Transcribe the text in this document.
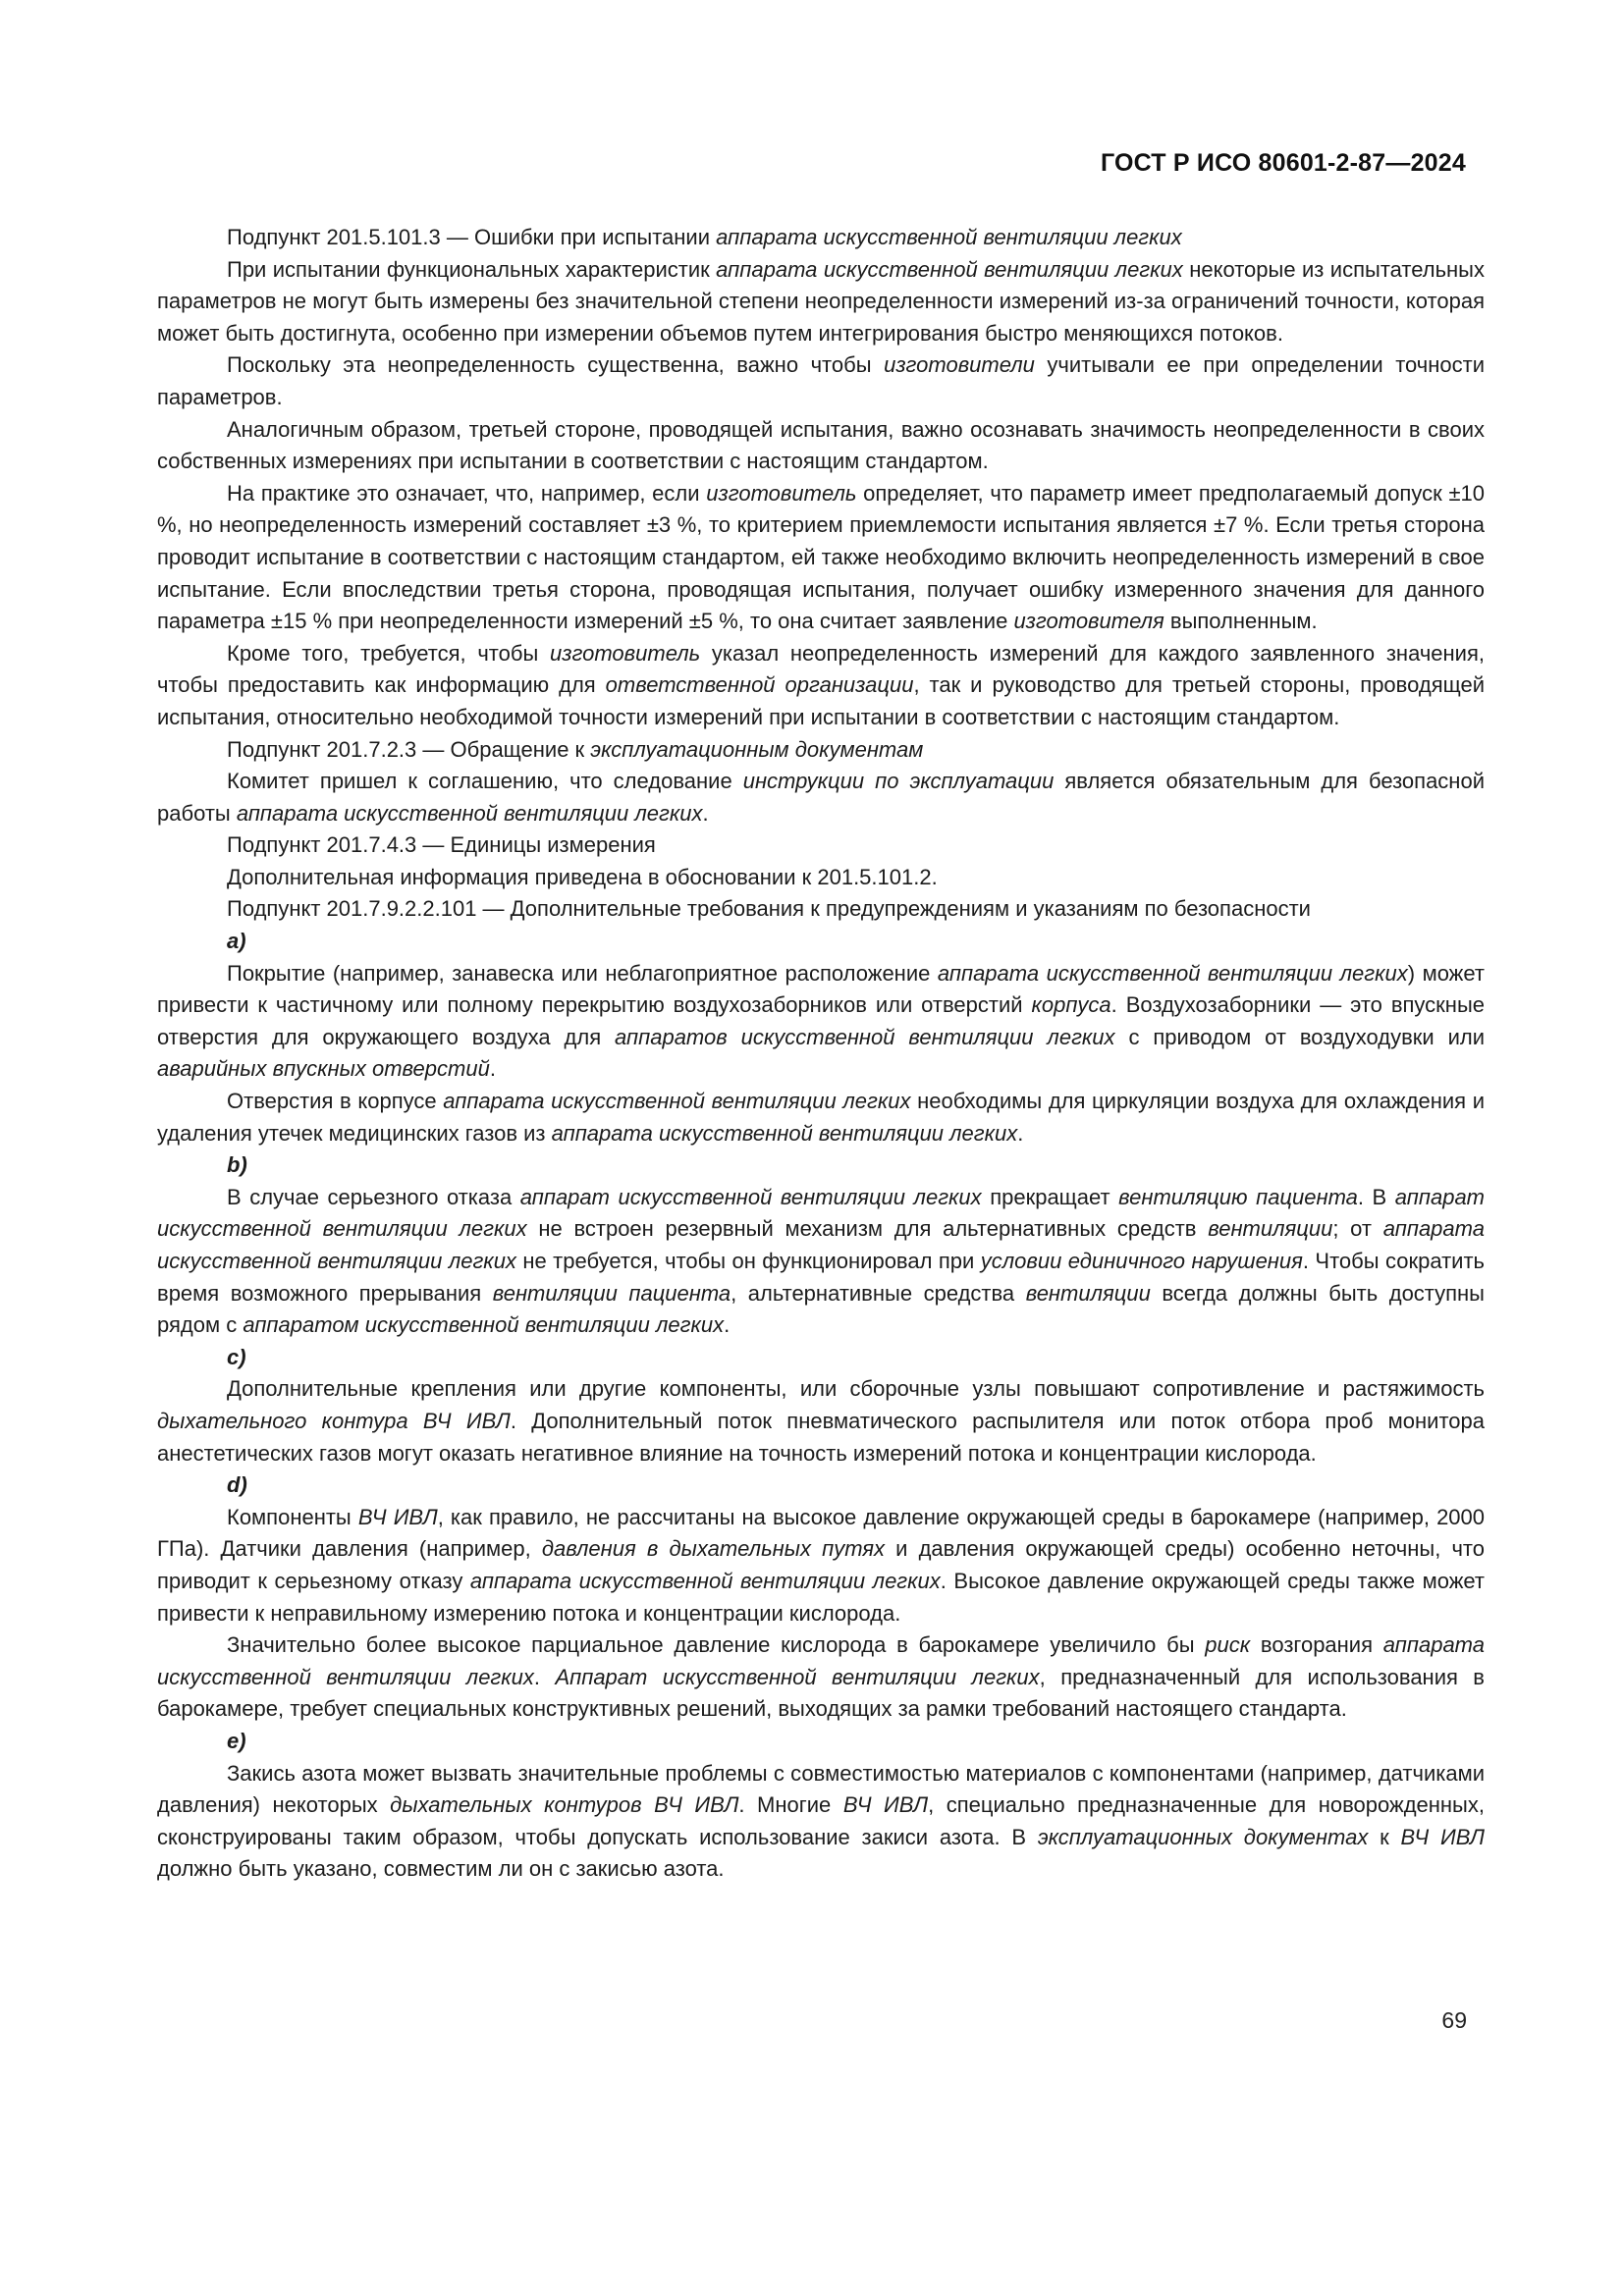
ГОСТ Р ИСО 80601-2-87—2024

Подпункт 201.5.101.3 — Ошибки при испытании аппарата искусственной вентиляции легких

При испытании функциональных характеристик аппарата искусственной вентиляции легких некоторые из испытательных параметров не могут быть измерены без значительной степени неопределенности измерений из-за ограничений точности, которая может быть достигнута, особенно при измерении объемов путем интегрирования быстро меняющихся потоков.

Поскольку эта неопределенность существенна, важно чтобы изготовители учитывали ее при определении точности параметров.

Аналогичным образом, третьей стороне, проводящей испытания, важно осознавать значимость неопределенности в своих собственных измерениях при испытании в соответствии с настоящим стандартом.

На практике это означает, что, например, если изготовитель определяет, что параметр имеет предполагаемый допуск ±10 %, но неопределенность измерений составляет ±3 %, то критерием приемлемости испытания является ±7 %. Если третья сторона проводит испытание в соответствии с настоящим стандартом, ей также необходимо включить неопределенность измерений в свое испытание. Если впоследствии третья сторона, проводящая испытания, получает ошибку измеренного значения для данного параметра ±15 % при неопределенности измерений ±5 %, то она считает заявление изготовителя выполненным.

Кроме того, требуется, чтобы изготовитель указал неопределенность измерений для каждого заявленного значения, чтобы предоставить как информацию для ответственной организации, так и руководство для третьей стороны, проводящей испытания, относительно необходимой точности измерений при испытании в соответствии с настоящим стандартом.

Подпункт 201.7.2.3 — Обращение к эксплуатационным документам

Комитет пришел к соглашению, что следование инструкции по эксплуатации является обязательным для безопасной работы аппарата искусственной вентиляции легких.

Подпункт 201.7.4.3 — Единицы измерения

Дополнительная информация приведена в обосновании к 201.5.101.2.

Подпункт 201.7.9.2.2.101 — Дополнительные требования к предупреждениям и указаниям по безопасности

a)

Покрытие (например, занавеска или неблагоприятное расположение аппарата искусственной вентиляции легких) может привести к частичному или полному перекрытию воздухозаборников или отверстий корпуса. Воздухозаборники — это впускные отверстия для окружающего воздуха для аппаратов искусственной вентиляции легких с приводом от воздуходувки или аварийных впускных отверстий.

Отверстия в корпусе аппарата искусственной вентиляции легких необходимы для циркуляции воздуха для охлаждения и удаления утечек медицинских газов из аппарата искусственной вентиляции легких.

b)

В случае серьезного отказа аппарат искусственной вентиляции легких прекращает вентиляцию пациента. В аппарат искусственной вентиляции легких не встроен резервный механизм для альтернативных средств вентиляции; от аппарата искусственной вентиляции легких не требуется, чтобы он функционировал при условии единичного нарушения. Чтобы сократить время возможного прерывания вентиляции пациента, альтернативные средства вентиляции всегда должны быть доступны рядом с аппаратом искусственной вентиляции легких.

c)

Дополнительные крепления или другие компоненты, или сборочные узлы повышают сопротивление и растяжимость дыхательного контура ВЧ ИВЛ. Дополнительный поток пневматического распылителя или поток отбора проб монитора анестетических газов могут оказать негативное влияние на точность измерений потока и концентрации кислорода.

d)

Компоненты ВЧ ИВЛ, как правило, не рассчитаны на высокое давление окружающей среды в барокамере (например, 2000 ГПа). Датчики давления (например, давления в дыхательных путях и давления окружающей среды) особенно неточны, что приводит к серьезному отказу аппарата искусственной вентиляции легких. Высокое давление окружающей среды также может привести к неправильному измерению потока и концентрации кислорода.

Значительно более высокое парциальное давление кислорода в барокамере увеличило бы риск возгорания аппарата искусственной вентиляции легких. Аппарат искусственной вентиляции легких, предназначенный для использования в барокамере, требует специальных конструктивных решений, выходящих за рамки требований настоящего стандарта.

e)

Закись азота может вызвать значительные проблемы с совместимостью материалов с компонентами (например, датчиками давления) некоторых дыхательных контуров ВЧ ИВЛ. Многие ВЧ ИВЛ, специально предназначенные для новорожденных, сконструированы таким образом, чтобы допускать использование закиси азота. В эксплуатационных документах к ВЧ ИВЛ должно быть указано, совместим ли он с закисью азота.

69
